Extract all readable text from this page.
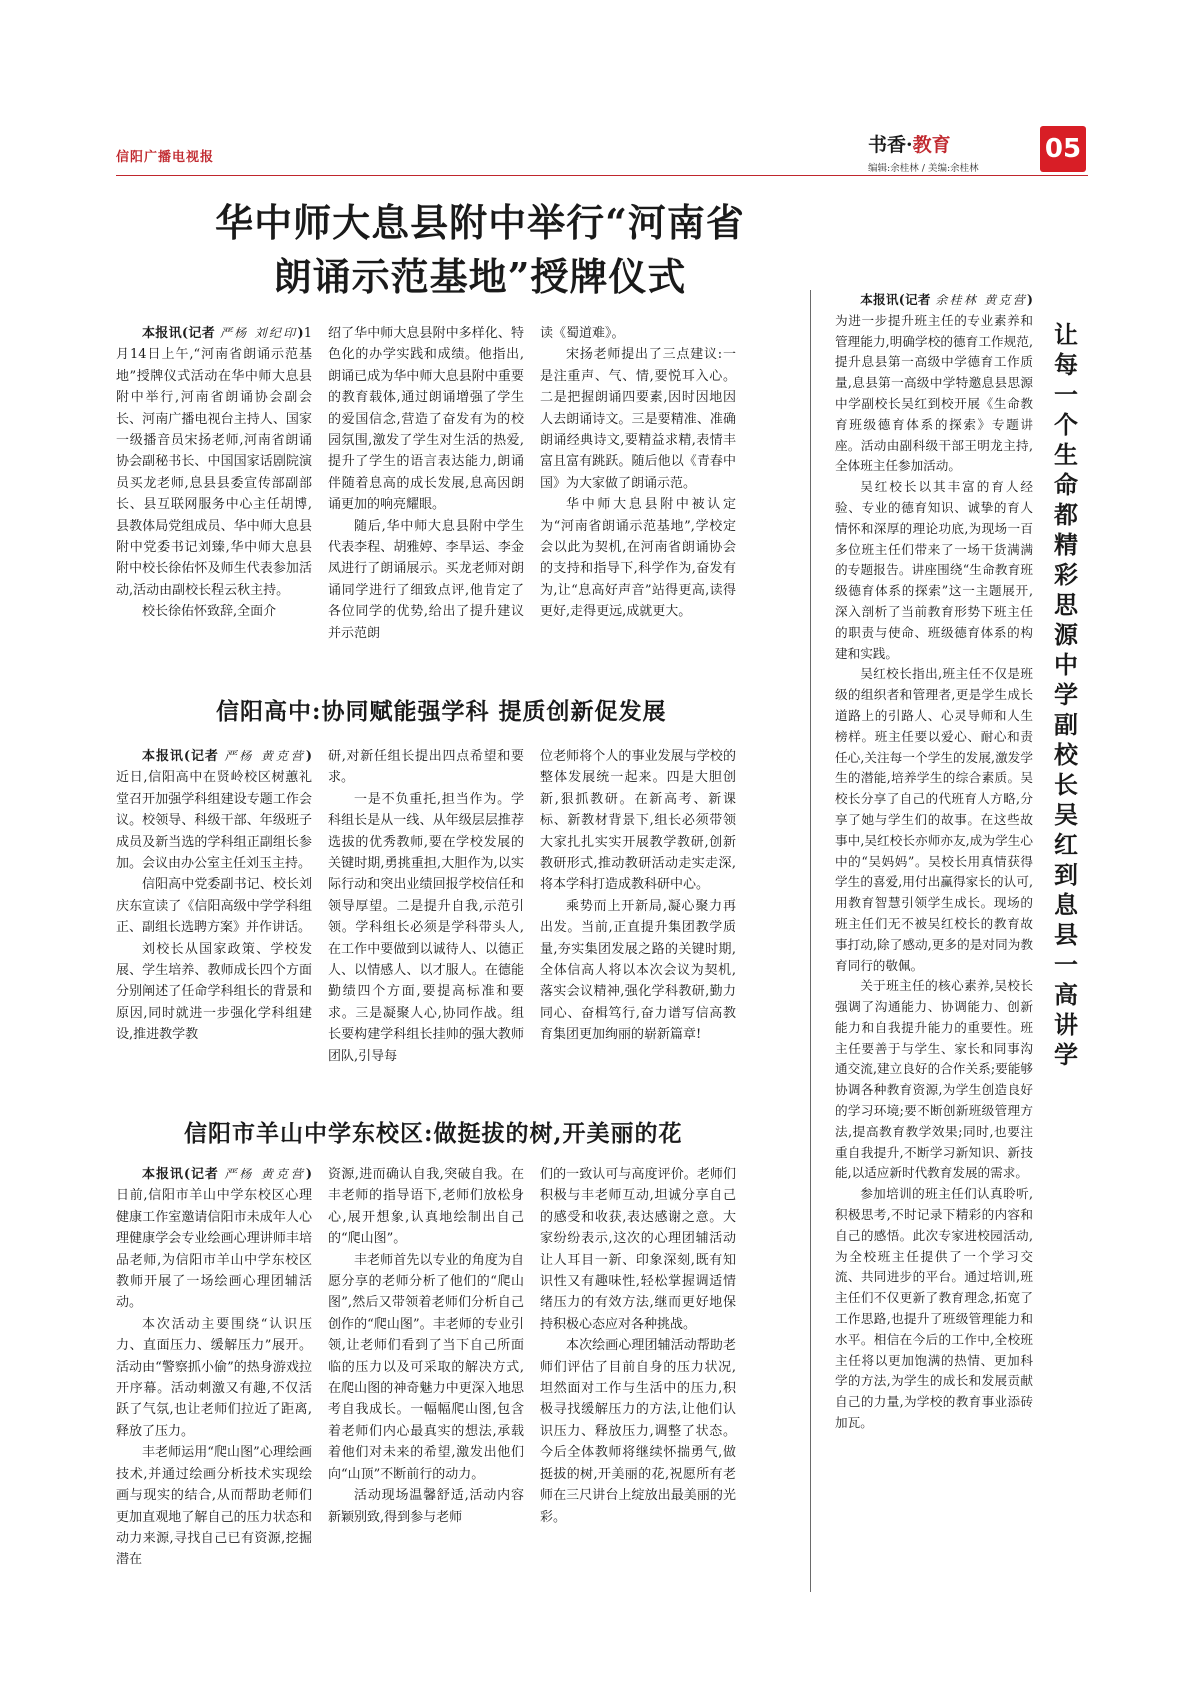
信阳广播电视报
书香·教育
编辑:余桂林 / 美编:余桂林
05
华中师大息县附中举行“河南省
朗诵示范基地”授牌仪式

本报讯(记者 严杨 刘纪印)1月14日上午,“河南省朗诵示范基地”授牌仪式活动在华中师大息县附中举行,河南省朗诵协会副会长、河南广播电视台主持人、国家一级播音员宋扬老师,河南省朗诵协会副秘书长、中国国家话剧院演员买龙老师,息县县委宣传部副部长、县互联网服务中心主任胡博,县教体局党组成员、华中师大息县附中党委书记刘臻,华中师大息县附中校长徐佑怀及师生代表参加活动,活动由副校长程云秋主持。

校长徐佑怀致辞,全面介

绍了华中师大息县附中多样化、特色化的办学实践和成绩。他指出,朗诵已成为华中师大息县附中重要的教育载体,通过朗诵增强了学生的爱国信念,营造了奋发有为的校园氛围,激发了学生对生活的热爱,提升了学生的语言表达能力,朗诵伴随着息高的成长发展,息高因朗诵更加的响亮耀眼。

随后,华中师大息县附中学生代表李程、胡雅婷、李旱运、李金凤进行了朗诵展示。买龙老师对朗诵同学进行了细致点评,他肯定了各位同学的优势,给出了提升建议并示范朗

读《蜀道难》。

宋扬老师提出了三点建议:一是注重声、气、情,要悦耳入心。二是把握朗诵四要素,因时因地因人去朗诵诗文。三是要精准、准确朗诵经典诗文,要精益求精,表情丰富且富有跳跃。随后他以《青春中国》为大家做了朗诵示范。

华中师大息县附中被认定为“河南省朗诵示范基地”,学校定会以此为契机,在河南省朗诵协会的支持和指导下,科学作为,奋发有为,让“息高好声音”站得更高,读得更好,走得更远,成就更大。

信阳高中:协同赋能强学科 提质创新促发展

本报讯(记者 严杨 黄克营)近日,信阳高中在贤岭校区树蕙礼堂召开加强学科组建设专题工作会议。校领导、科级干部、年级班子成员及新当选的学科组正副组长参加。会议由办公室主任刘玉主持。

信阳高中党委副书记、校长刘庆东宣读了《信阳高级中学学科组正、副组长选聘方案》并作讲话。

刘校长从国家政策、学校发展、学生培养、教师成长四个方面分别阐述了任命学科组长的背景和原因,同时就进一步强化学科组建设,推进教学教

研,对新任组长提出四点希望和要求。

一是不负重托,担当作为。学科组长是从一线、从年级层层推荐选拔的优秀教师,要在学校发展的关键时期,勇挑重担,大胆作为,以实际行动和突出业绩回报学校信任和领导厚望。二是提升自我,示范引领。学科组长必须是学科带头人,在工作中要做到以诚待人、以德正人、以情感人、以才服人。在德能勤绩四个方面,要提高标准和要求。三是凝聚人心,协同作战。组长要构建学科组长挂帅的强大教师团队,引导每

位老师将个人的事业发展与学校的整体发展统一起来。四是大胆创新,狠抓教研。在新高考、新课标、新教材背景下,组长必须带领大家扎扎实实开展教学教研,创新教研形式,推动教研活动走实走深,将本学科打造成教科研中心。

乘势而上开新局,凝心聚力再出发。当前,正直提升集团教学质量,夯实集团发展之路的关键时期,全体信高人将以本次会议为契机,落实会议精神,强化学科教研,勤力同心、奋楫笃行,奋力谱写信高教育集团更加绚丽的崭新篇章!

信阳市羊山中学东校区:做挺拔的树,开美丽的花

本报讯(记者 严杨 黄克营)日前,信阳市羊山中学东校区心理健康工作室邀请信阳市未成年人心理健康学会专业绘画心理讲师丰培品老师,为信阳市羊山中学东校区教师开展了一场绘画心理团辅活动。

本次活动主要围绕“认识压力、直面压力、缓解压力”展开。活动由“警察抓小偷”的热身游戏拉开序幕。活动刺激又有趣,不仅活跃了气氛,也让老师们拉近了距离,释放了压力。

丰老师运用“爬山图”心理绘画技术,并通过绘画分析技术实现绘画与现实的结合,从而帮助老师们更加直观地了解自己的压力状态和动力来源,寻找自己已有资源,挖掘潜在

资源,进而确认自我,突破自我。在丰老师的指导语下,老师们放松身心,展开想象,认真地绘制出自己的“爬山图”。

丰老师首先以专业的角度为自愿分享的老师分析了他们的“爬山图”,然后又带领着老师们分析自己创作的“爬山图”。丰老师的专业引领,让老师们看到了当下自己所面临的压力以及可采取的解决方式,在爬山图的神奇魅力中更深入地思考自我成长。一幅幅爬山图,包含着老师们内心最真实的想法,承载着他们对未来的希望,激发出他们向“山顶”不断前行的动力。

活动现场温馨舒适,活动内容新颖别致,得到参与老师

们的一致认可与高度评价。老师们积极与丰老师互动,坦诚分享自己的感受和收获,表达感谢之意。大家纷纷表示,这次的心理团辅活动让人耳目一新、印象深刻,既有知识性又有趣味性,轻松掌握调适情绪压力的有效方法,继而更好地保持积极心态应对各种挑战。

本次绘画心理团辅活动帮助老师们评估了目前自身的压力状况,坦然面对工作与生活中的压力,积极寻找缓解压力的方法,让他们认识压力、释放压力,调整了状态。今后全体教师将继续怀揣勇气,做挺拔的树,开美丽的花,祝愿所有老师在三尺讲台上绽放出最美丽的光彩。

本报讯(记者 余桂林 黄克营)为进一步提升班主任的专业素养和管理能力,明确学校的德育工作规范,提升息县第一高级中学德育工作质量,息县第一高级中学特邀息县思源中学副校长吴红到校开展《生命教育班级德育体系的探索》专题讲座。活动由副科级干部王明龙主持,全体班主任参加活动。

吴红校长以其丰富的育人经验、专业的德育知识、诚挚的育人情怀和深厚的理论功底,为现场一百多位班主任们带来了一场干货满满的专题报告。讲座围绕“生命教育班级德育体系的探索”这一主题展开,深入剖析了当前教育形势下班主任的职责与使命、班级德育体系的构建和实践。

吴红校长指出,班主任不仅是班级的组织者和管理者,更是学生成长道路上的引路人、心灵导师和人生榜样。班主任要以爱心、耐心和责任心,关注每一个学生的发展,激发学生的潜能,培养学生的综合素质。吴校长分享了自己的代班育人方略,分享了她与学生们的故事。在这些故事中,吴红校长亦师亦友,成为学生心中的“吴妈妈”。吴校长用真情获得学生的喜爱,用付出赢得家长的认可,用教育智慧引领学生成长。现场的班主任们无不被吴红校长的教育故事打动,除了感动,更多的是对同为教育同行的敬佩。

关于班主任的核心素养,吴校长强调了沟通能力、协调能力、创新能力和自我提升能力的重要性。班主任要善于与学生、家长和同事沟通交流,建立良好的合作关系;要能够协调各种教育资源,为学生创造良好的学习环境;要不断创新班级管理方法,提高教育教学效果;同时,也要注重自我提升,不断学习新知识、新技能,以适应新时代教育发展的需求。

参加培训的班主任们认真聆听,积极思考,不时记录下精彩的内容和自己的感悟。此次专家进校园活动,为全校班主任提供了一个学习交流、共同进步的平台。通过培训,班主任们不仅更新了教育理念,拓宽了工作思路,也提升了班级管理能力和水平。相信在今后的工作中,全校班主任将以更加饱满的热情、更加科学的方法,为学生的成长和发展贡献自己的力量,为学校的教育事业添砖加瓦。

让每一个生命都精彩 思源中学副校长吴红到息县一高讲学
